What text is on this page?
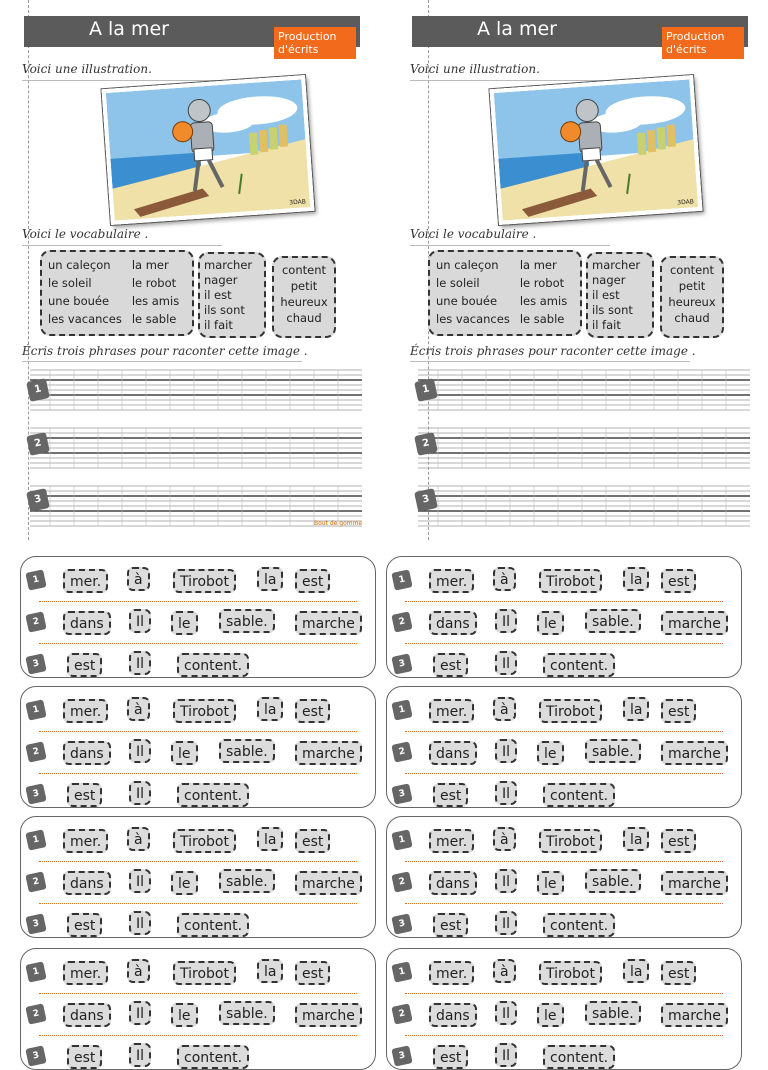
A la mer	Production
d'écrits
Voici une illustration.
3DAB
Voici le vocabulaire .
un caleçon
le soleil
une bouée
les vacances
la mer
le robot
les amis
le sable
marcher
nager
il est
ils sont
il fait
content
petit
heureux
chaud
Écris trois phrases pour raconter cette image .
1
2
3
Bout de gomme
A la mer	Production
d'écrits
Voici une illustration.
3DAB
Voici le vocabulaire .
un caleçon
le soleil
une bouée
les vacances
la mer
le robot
les amis
le sable
marcher
nager
il est
ils sont
il fait
content
petit
heureux
chaud
Écris trois phrases pour raconter cette image .
1
2
3
1	mer.	à	Tirobot	la	est
2	dans	Il	le	sable.	marche
3	est	Il	content.
1	mer.	à	Tirobot	la	est
2	dans	Il	le	sable.	marche
3	est	Il	content.
1	mer.	à	Tirobot	la	est
2	dans	Il	le	sable.	marche
3	est	Il	content.
1	mer.	à	Tirobot	la	est
2	dans	Il	le	sable.	marche
3	est	Il	content.
1	mer.	à	Tirobot	la	est
2	dans	Il	le	sable.	marche
3	est	Il	content.
1	mer.	à	Tirobot	la	est
2	dans	Il	le	sable.	marche
3	est	Il	content.
1	mer.	à	Tirobot	la	est
2	dans	Il	le	sable.	marche
3	est	Il	content.
1	mer.	à	Tirobot	la	est
2	dans	Il	le	sable.	marche
3	est	Il	content.
